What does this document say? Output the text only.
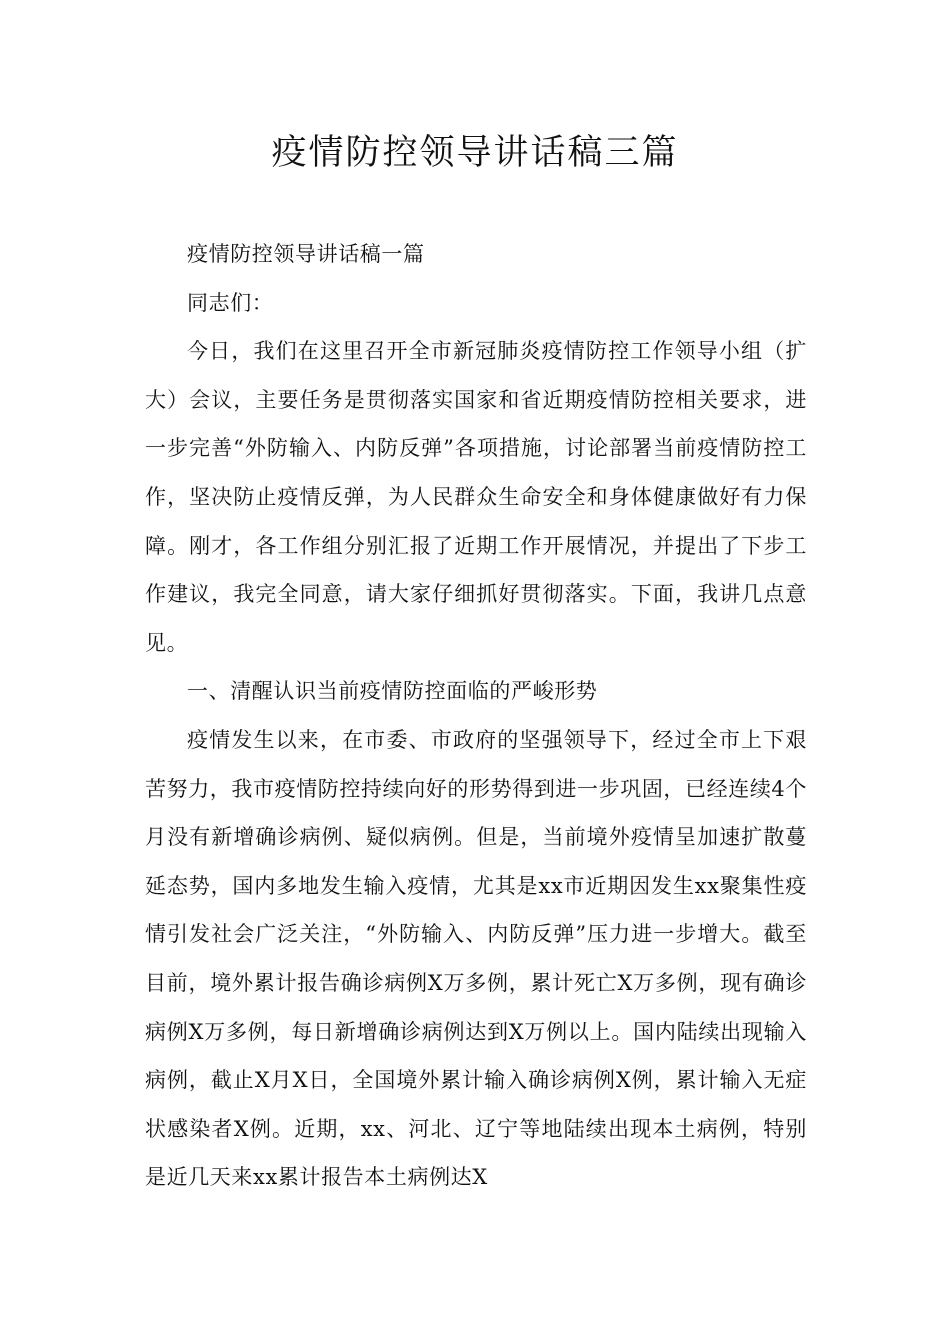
疫情防控领导讲话稿三篇

疫情防控领导讲话稿一篇

同志们：

今日，我们在这里召开全市新冠肺炎疫情防控工作领导小组（扩大）会议，主要任务是贯彻落实国家和省近期疫情防控相关要求，进一步完善“外防输入、内防反弹”各项措施，讨论部署当前疫情防控工作，坚决防止疫情反弹，为人民群众生命安全和身体健康做好有力保障。刚才，各工作组分别汇报了近期工作开展情况，并提出了下步工作建议，我完全同意，请大家仔细抓好贯彻落实。下面，我讲几点意见。

一、清醒认识当前疫情防控面临的严峻形势

疫情发生以来，在市委、市政府的坚强领导下，经过全市上下艰苦努力，我市疫情防控持续向好的形势得到进一步巩固，已经连续4个月没有新增确诊病例、疑似病例。但是，当前境外疫情呈加速扩散蔓延态势，国内多地发生输入疫情，尤其是xx市近期因发生xx聚集性疫情引发社会广泛关注，“外防输入、内防反弹”压力进一步增大。截至目前，境外累计报告确诊病例X万多例，累计死亡X万多例，现有确诊病例X万多例，每日新增确诊病例达到X万例以上。国内陆续出现输入病例，截止X月X日，全国境外累计输入确诊病例X例，累计输入无症状感染者X例。近期，xx、河北、辽宁等地陆续出现本土病例，特别是近几天来xx累计报告本土病例达X
